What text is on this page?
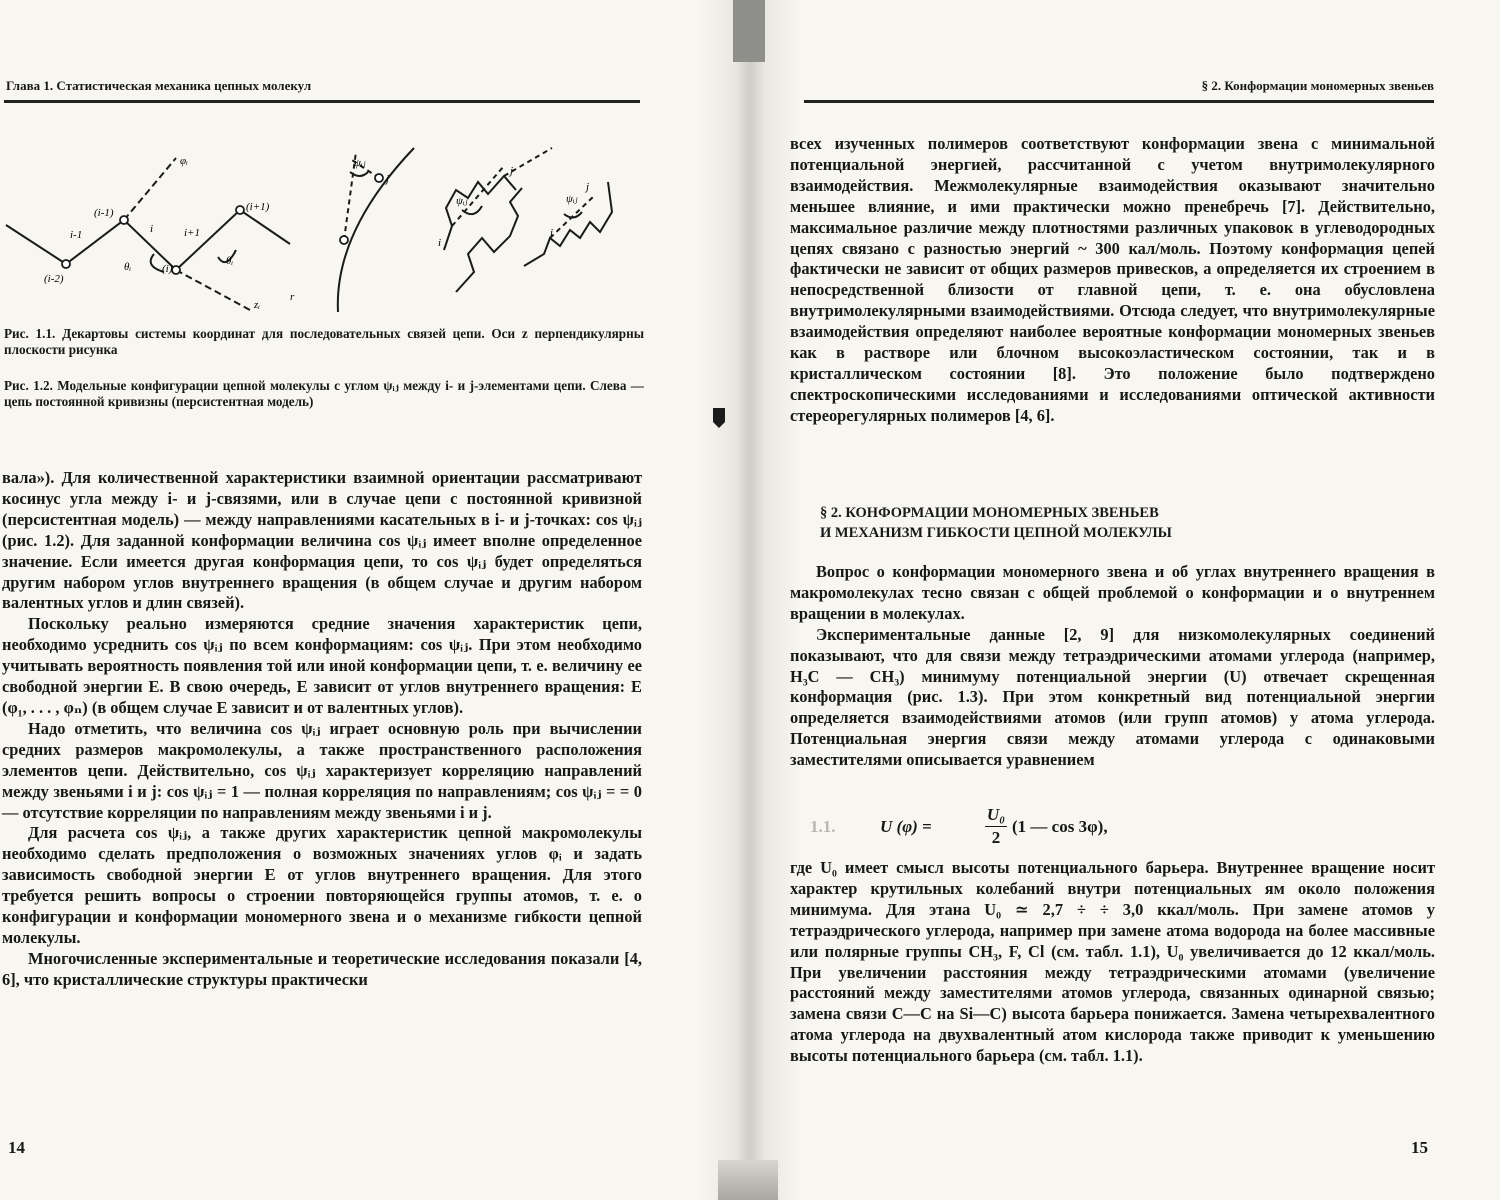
Глава 1. Статистическая механика цепных молекул
φᵢ
(i-1)
i-1
(i-2)
i	i+1
θᵢ	(i)
(i+1)
θᵢ
zᵢ
r
ψᵢⱼ
j
ψᵢⱼ
i
j
ψᵢⱼ
i
j
Рис. 1.1. Декартовы системы координат для последовательных связей цепи. Оси z перпендикулярны плоскости рисунка
Рис. 1.2. Модельные конфигурации цепной молекулы с углом ψᵢⱼ между i- и j-элементами цепи. Слева — цепь постоянной кривизны (персистентная модель)

вала»). Для количественной характеристики взаимной ориентации рассматривают косинус угла между i- и j-связями, или в случае цепи с постоянной кривизной (персистентная модель) — между направлениями касательных в i- и j-точках: cos ψᵢⱼ (рис. 1.2). Для заданной конформации величина cos ψᵢⱼ имеет вполне определенное значение. Если имеется другая конформация цепи, то cos ψᵢⱼ будет определяться другим набором углов внутреннего вращения (в общем случае и другим набором валентных углов и длин связей).

Поскольку реально измеряются средние значения характеристик цепи, необходимо усреднить cos ψᵢⱼ по всем конформациям: cos ψᵢⱼ. При этом необходимо учитывать вероятность появления той или иной конформации цепи, т. е. величину ее свободной энергии E. В свою очередь, E зависит от углов внутреннего вращения: E (φ₁, . . . , φₙ) (в общем случае E зависит и от валентных углов).

Надо отметить, что величина cos ψᵢⱼ играет основную роль при вычислении средних размеров макромолекулы, а также пространственного расположения элементов цепи. Действительно, cos ψᵢⱼ характеризует корреляцию направлений между звеньями i и j: cos ψᵢⱼ = 1 — полная корреляция по направлениям; cos ψᵢⱼ = = 0 — отсутствие корреляции по направлениям между звеньями i и j.

Для расчета cos ψᵢⱼ, а также других характеристик цепной макромолекулы необходимо сделать предположения о возможных значениях углов φᵢ и задать зависимость свободной энергии E от углов внутреннего вращения. Для этого требуется решить вопросы о строении повторяющейся группы атомов, т. е. о конфигурации и конформации мономерного звена и о механизме гибкости цепной молекулы.

Многочисленные экспериментальные и теоретические исследования показали [4, 6], что кристаллические структуры практически

14
§ 2. Конформации мономерных звеньев

всех изученных полимеров соответствуют конформации звена с минимальной потенциальной энергией, рассчитанной с учетом внутримолекулярного взаимодействия. Межмолекулярные взаимодействия оказывают значительно меньшее влияние, и ими практически можно пренебречь [7]. Действительно, максимальное различие между плотностями различных упаковок в углеводородных цепях связано с разностью энергий ~ 300 кал/моль. Поэтому конформация цепей фактически не зависит от общих размеров привесков, а определяется их строением в непосредственной близости от главной цепи, т. е. она обусловлена внутримолекулярными взаимодействиями. Отсюда следует, что внутримолекулярные взаимодействия определяют наиболее вероятные конформации мономерных звеньев как в растворе или блочном высокоэластическом состоянии, так и в кристаллическом состоянии [8]. Это положение было подтверждено спектроскопическими исследованиями и исследованиями оптической активности стереорегулярных полимеров [4, 6].

§ 2. КОНФОРМАЦИИ МОНОМЕРНЫХ ЗВЕНЬЕВ
И МЕХАНИЗМ ГИБКОСТИ ЦЕПНОЙ МОЛЕКУЛЫ

Вопрос о конформации мономерного звена и об углах внутреннего вращения в макромолекулах тесно связан с общей проблемой о конформации и о внутреннем вращении в молекулах.

Экспериментальные данные [2, 9] для низкомолекулярных соединений показывают, что для связи между тетраэдрическими атомами углерода (например, H₃C — CH₃) минимуму потенциальной энергии (U) отвечает скрещенная конформация (рис. 1.3). При этом конкретный вид потенциальной энергии определяется взаимодействиями атомов (или групп атомов) у атома углерода. Потенциальная энергия связи между атомами углерода с одинаковыми заместителями описывается уравнением

1.1.	U (φ) =	$\frac{\text{U₀}}{2} (1$ — cos 3φ),

где U₀ имеет смысл высоты потенциального барьера. Внутреннее вращение носит характер крутильных колебаний внутри потенциальных ям около положения минимума. Для этана U₀ ≃ 2,7 ÷ ÷ 3,0 ккал/моль. При замене атомов у тетраэдрического углерода, например при замене атома водорода на более массивные или полярные группы CH₃, F, Cl (см. табл. 1.1), U₀ увеличивается до 12 ккал/моль. При увеличении расстояния между тетраэдрическими атомами (увеличение расстояний между заместителями атомов углерода, связанных одинарной связью; замена связи C—C на Si—C) высота барьера понижается. Замена четырехвалентного атома углерода на двухвалентный атом кислорода также приводит к уменьшению высоты потенциального барьера (см. табл. 1.1).

15
